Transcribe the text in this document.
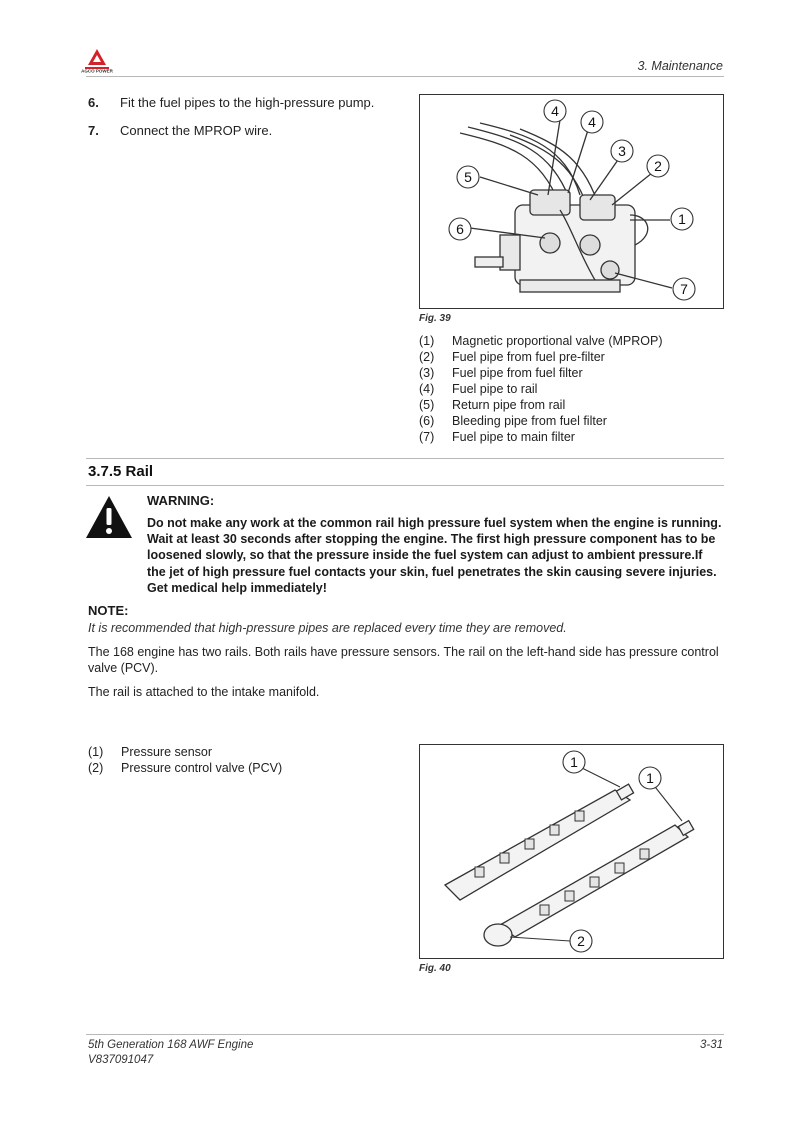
AGCO POWER	3. Maintenance
6. Fit the fuel pipes to the high-pressure pump.
7. Connect the MPROP wire.
4
4
3
2
5
6
1
7
Fig. 39
(1) Magnetic proportional valve (MPROP)
(2) Fuel pipe from fuel pre-filter
(3) Fuel pipe from fuel filter
(4) Fuel pipe to rail
(5) Return pipe from rail
(6) Bleeding pipe from fuel filter
(7) Fuel pipe to main filter
3.7.5 Rail
WARNING:
Do not make any work at the common rail high pressure fuel system when the engine is running. Wait at least 30 seconds after stopping the engine. The first high pressure component has to be loosened slowly, so that the pressure inside the fuel system can adjust to ambient pressure.If the jet of high pressure fuel contacts your skin, fuel penetrates the skin causing severe injuries. Get medical help immediately!
NOTE:
It is recommended that high-pressure pipes are replaced every time they are removed.
The 168 engine has two rails. Both rails have pressure sensors. The rail on the left-hand side has pressure control valve (PCV).
The rail is attached to the intake manifold.
(1) Pressure sensor
(2) Pressure control valve (PCV)	1
1
2
Fig. 40
5th Generation 168 AWF Engine
V837091047
3-31
